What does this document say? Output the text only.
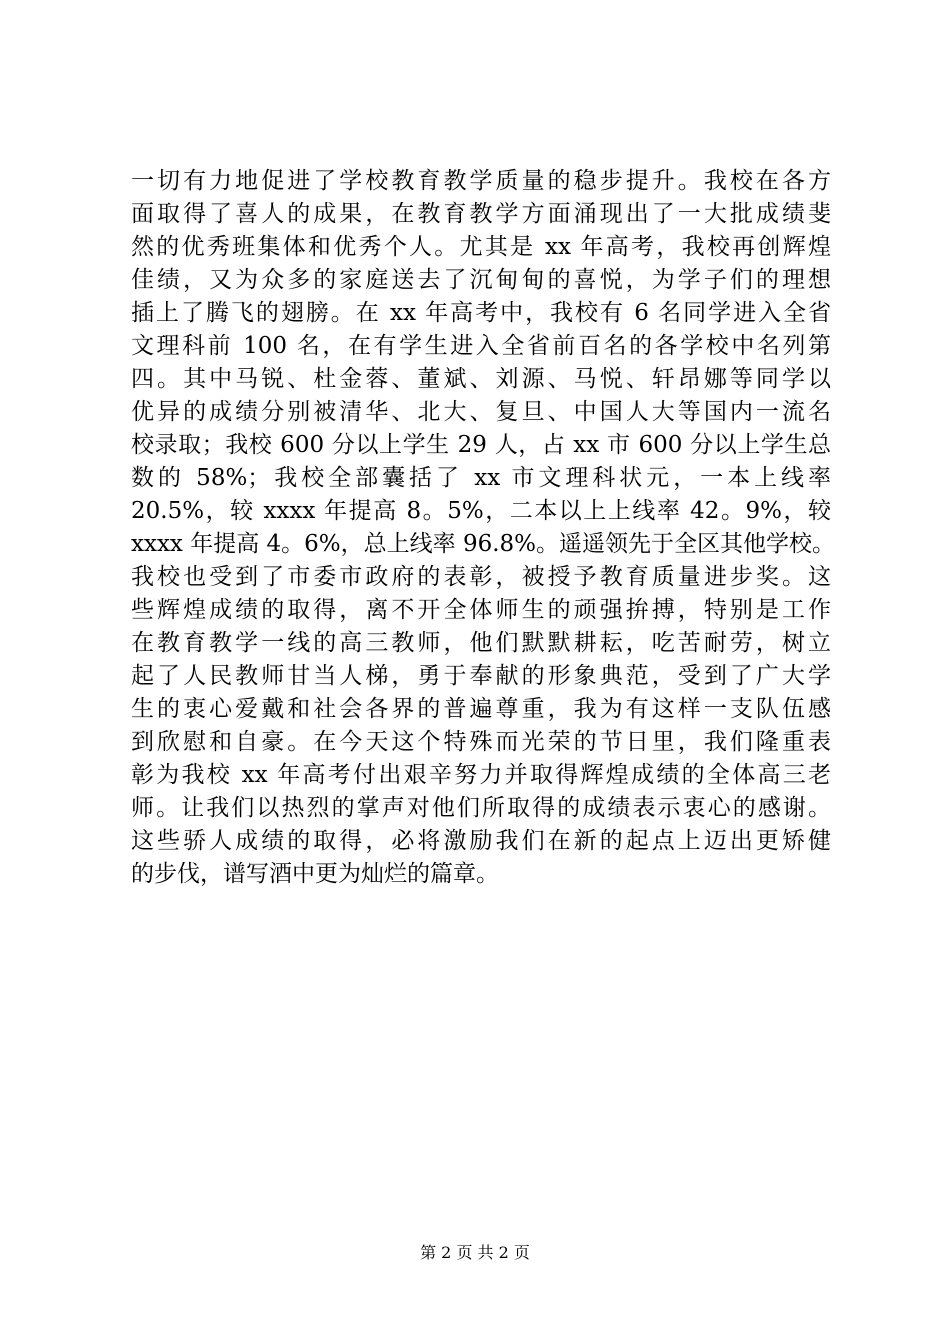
一切有力地促进了学校教育教学质量的稳步提升。我校在各方
面取得了喜人的成果，在教育教学方面涌现出了一大批成绩斐
然的优秀班集体和优秀个人。尤其是 xx 年高考，我校再创辉煌
佳绩，又为众多的家庭送去了沉甸甸的喜悦，为学子们的理想
插上了腾飞的翅膀。在 xx 年高考中，我校有 6 名同学进入全省
文理科前 100 名，在有学生进入全省前百名的各学校中名列第
四。其中马锐、杜金蓉、董斌、刘源、马悦、轩昂娜等同学以
优异的成绩分别被清华、北大、复旦、中国人大等国内一流名
校录取；我校 600 分以上学生 29 人，占 xx 市 600 分以上学生总
数的 58%；我校全部囊括了 xx 市文理科状元，一本上线率
20.5%，较 xxxx 年提高 8。5%，二本以上上线率 42。9%，较
xxxx 年提高 4。6%，总上线率 96.8%。遥遥领先于全区其他学校。
我校也受到了市委市政府的表彰，被授予教育质量进步奖。这
些辉煌成绩的取得，离不开全体师生的顽强拚搏，特别是工作
在教育教学一线的高三教师，他们默默耕耘，吃苦耐劳，树立
起了人民教师甘当人梯，勇于奉献的形象典范，受到了广大学
生的衷心爱戴和社会各界的普遍尊重，我为有这样一支队伍感
到欣慰和自豪。在今天这个特殊而光荣的节日里，我们隆重表
彰为我校 xx 年高考付出艰辛努力并取得辉煌成绩的全体高三老
师。让我们以热烈的掌声对他们所取得的成绩表示衷心的感谢。
这些骄人成绩的取得，必将激励我们在新的起点上迈出更矫健
的步伐，谱写酒中更为灿烂的篇章。
第 2 页 共 2 页
